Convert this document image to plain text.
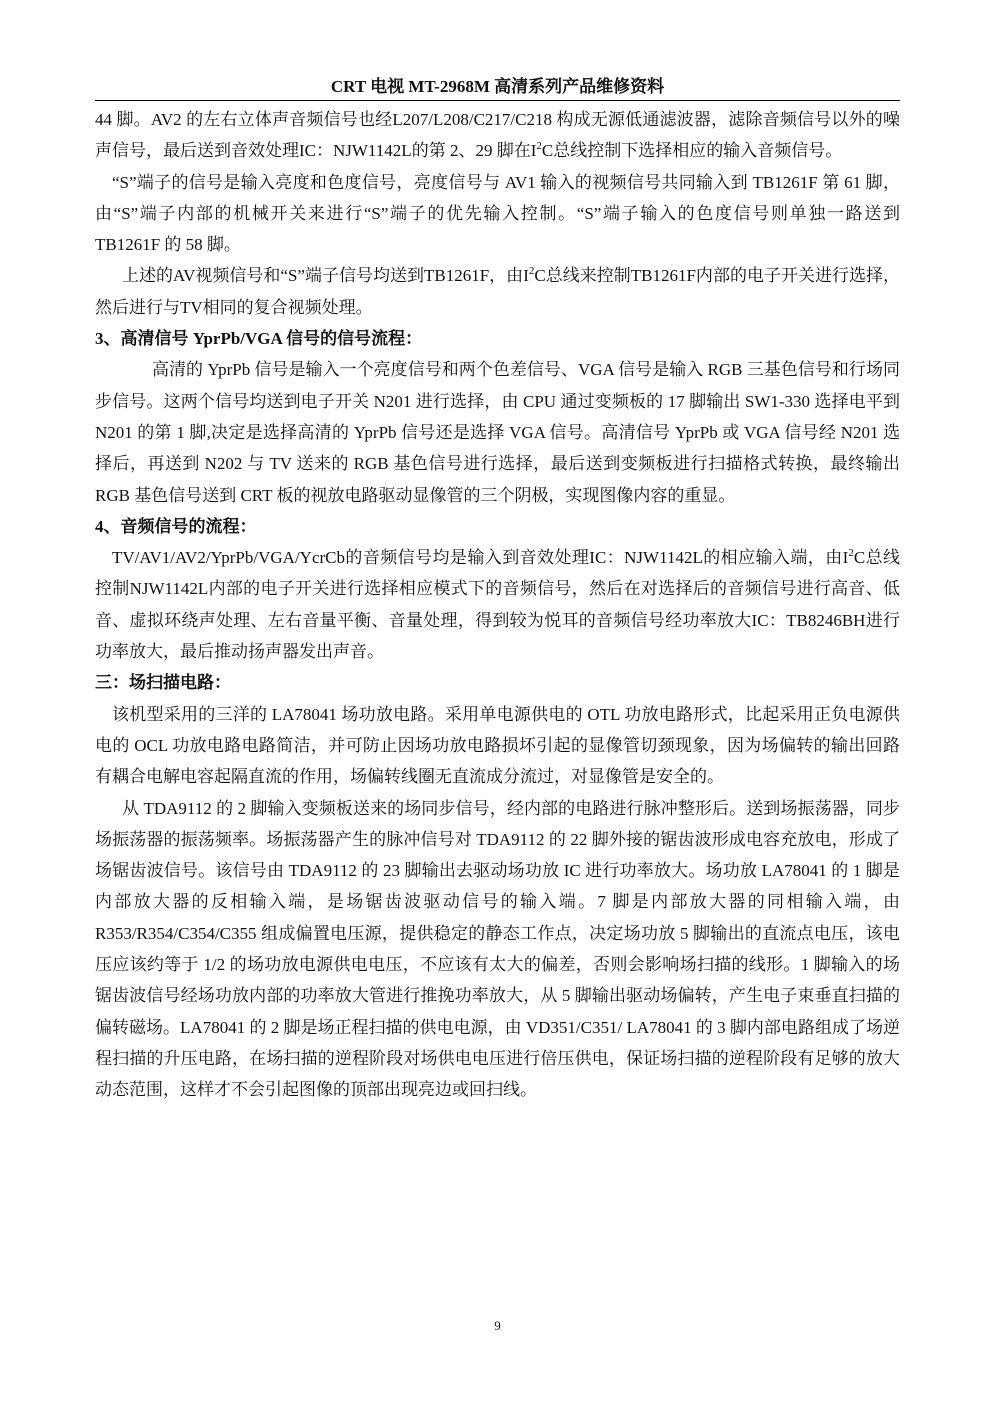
CRT 电视 MT-2968M 高清系列产品维修资料

44 脚。AV2 的左右立体声音频信号也经L207/L208/C217/C218 构成无源低通滤波器，滤除音频信号以外的噪声信号，最后送到音效处理IC：NJW1142L的第 2、29 脚在$I^2C$总线控制下选择相应的输入音频信号。

“S”端子的信号是输入亮度和色度信号，亮度信号与 AV1 输入的视频信号共同输入到 TB1261F 第 61 脚，由“S”端子内部的机械开关来进行“S”端子的优先输入控制。“S”端子输入的色度信号则单独一路送到 TB1261F 的 58 脚。

上述的AV视频信号和“S”端子信号均送到TB1261F，由$I^2C$总线来控制TB1261F内部的电子开关进行选择，然后进行与TV相同的复合视频处理。

3、高清信号 YprPb/VGA 信号的信号流程：

高清的 YprPb 信号是输入一个亮度信号和两个色差信号、VGA 信号是输入 RGB 三基色信号和行场同步信号。这两个信号均送到电子开关 N201 进行选择，由 CPU 通过变频板的 17 脚输出 SW1-330 选择电平到 N201 的第 1 脚,决定是选择高清的 YprPb 信号还是选择 VGA 信号。高清信号 YprPb 或 VGA 信号经 N201 选择后，再送到 N202 与 TV 送来的 RGB 基色信号进行选择，最后送到变频板进行扫描格式转换，最终输出 RGB 基色信号送到 CRT 板的视放电路驱动显像管的三个阴极，实现图像内容的重显。

4、音频信号的流程：

TV/AV1/AV2/YprPb/VGA/YcrCb的音频信号均是输入到音效处理IC：NJW1142L的相应输入端，由$I^2C$总线控制NJW1142L内部的电子开关进行选择相应模式下的音频信号，然后在对选择后的音频信号进行高音、低音、虚拟环绕声处理、左右音量平衡、音量处理，得到较为悦耳的音频信号经功率放大IC：TB8246BH进行功率放大，最后推动扬声器发出声音。

三：场扫描电路：

该机型采用的三洋的 LA78041 场功放电路。采用单电源供电的 OTL 功放电路形式，比起采用正负电源供电的 OCL 功放电路电路简洁，并可防止因场功放电路损坏引起的显像管切颈现象，因为场偏转的输出回路有耦合电解电容起隔直流的作用，场偏转线圈无直流成分流过，对显像管是安全的。

从 TDA9112 的 2 脚输入变频板送来的场同步信号，经内部的电路进行脉冲整形后。送到场振荡器，同步场振荡器的振荡频率。场振荡器产生的脉冲信号对 TDA9112 的 22 脚外接的锯齿波形成电容充放电，形成了场锯齿波信号。该信号由 TDA9112 的 23 脚输出去驱动场功放 IC 进行功率放大。场功放 LA78041 的 1 脚是内部放大器的反相输入端，是场锯齿波驱动信号的输入端。7 脚是内部放大器的同相输入端，由 R353/R354/C354/C355 组成偏置电压源，提供稳定的静态工作点，决定场功放 5 脚输出的直流点电压，该电压应该约等于 1/2 的场功放电源供电电压，不应该有太大的偏差，否则会影响场扫描的线形。1 脚输入的场锯齿波信号经场功放内部的功率放大管进行推挽功率放大，从 5 脚输出驱动场偏转，产生电子束垂直扫描的偏转磁场。LA78041 的 2 脚是场正程扫描的供电电源，由 VD351/C351/ LA78041 的 3 脚内部电路组成了场逆程扫描的升压电路，在场扫描的逆程阶段对场供电电压进行倍压供电，保证场扫描的逆程阶段有足够的放大动态范围，这样才不会引起图像的顶部出现亮边或回扫线。

9
